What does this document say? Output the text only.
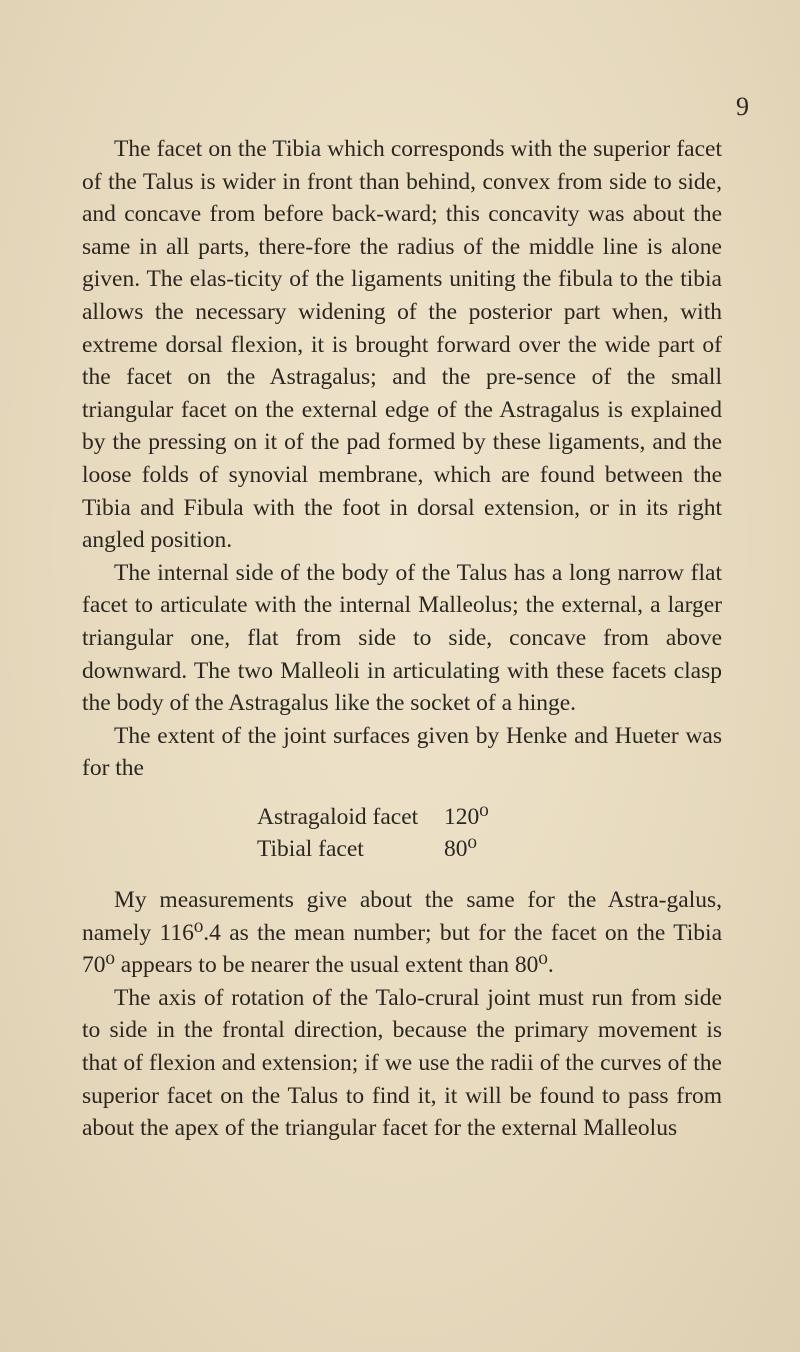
9

The facet on the Tibia which corresponds with the superior facet of the Talus is wider in front than behind, convex from side to side, and concave from before back-ward; this concavity was about the same in all parts, there-fore the radius of the middle line is alone given. The elas-ticity of the ligaments uniting the fibula to the tibia allows the necessary widening of the posterior part when, with extreme dorsal flexion, it is brought forward over the wide part of the facet on the Astragalus; and the pre-sence of the small triangular facet on the external edge of the Astragalus is explained by the pressing on it of the pad formed by these ligaments, and the loose folds of synovial membrane, which are found between the Tibia and Fibula with the foot in dorsal extension, or in its right angled position.

The internal side of the body of the Talus has a long narrow flat facet to articulate with the internal Malleolus; the external, a larger triangular one, flat from side to side, concave from above downward. The two Malleoli in articulating with these facets clasp the body of the Astragalus like the socket of a hinge.

The extent of the joint surfaces given by Henke and Hueter was for the

Astragaloid facet	120⁰
Tibial facet	80⁰

My measurements give about the same for the Astra-galus, namely 116⁰.4 as the mean number; but for the facet on the Tibia 70⁰ appears to be nearer the usual extent than 80⁰.

The axis of rotation of the Talo-crural joint must run from side to side in the frontal direction, because the primary movement is that of flexion and extension; if we use the radii of the curves of the superior facet on the Talus to find it, it will be found to pass from about the apex of the triangular facet for the external Malleolus
